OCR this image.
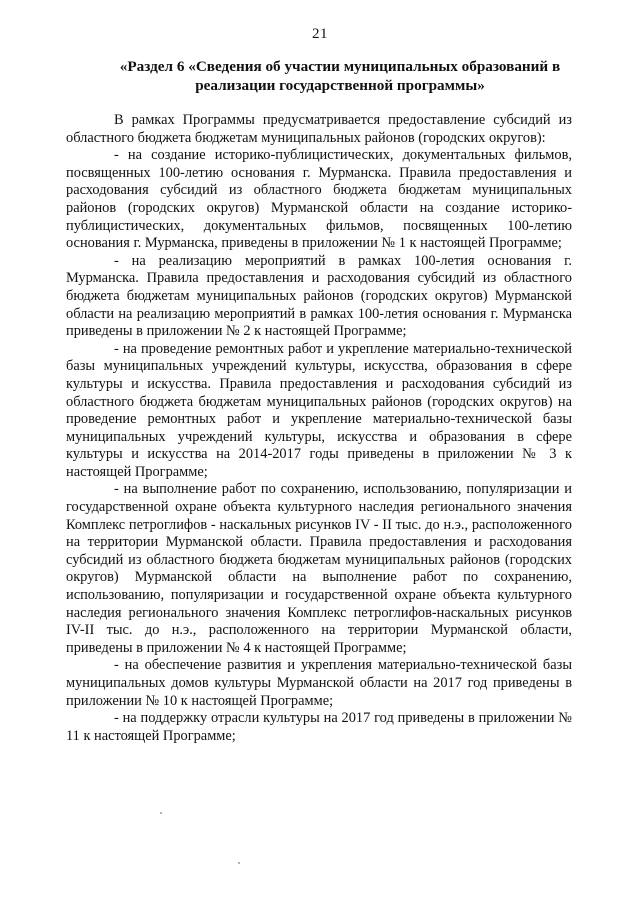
21
«Раздел 6 «Сведения об участии муниципальных образований в реализации государственной программы»

В рамках Программы предусматривается предоставление субсидий из областного бюджета бюджетам муниципальных районов (городских округов):

- на создание историко-публицистических, документальных фильмов, посвященных 100-летию основания г. Мурманска. Правила предоставления и расходования субсидий из областного бюджета бюджетам муниципальных районов (городских округов) Мурманской области на создание историко-публицистических, документальных фильмов, посвященных 100-летию основания г. Мурманска, приведены в приложении № 1 к настоящей Программе;

- на реализацию мероприятий в рамках 100-летия основания г. Мурманска. Правила предоставления и расходования субсидий из областного бюджета бюджетам муниципальных районов (городских округов) Мурманской области на реализацию мероприятий в рамках 100-летия основания г. Мурманска приведены в приложении № 2 к настоящей Программе;

- на проведение ремонтных работ и укрепление материально-технической базы муниципальных учреждений культуры, искусства, образования в сфере культуры и искусства. Правила предоставления и расходования субсидий из областного бюджета бюджетам муниципальных районов (городских округов) на проведение ремонтных работ и укрепление материально-технической базы муниципальных учреждений культуры, искусства и образования в сфере культуры и искусства на 2014-2017 годы приведены в приложении № 3 к настоящей Программе;

- на выполнение работ по сохранению, использованию, популяризации и государственной охране объекта культурного наследия регионального значения Комплекс петроглифов - наскальных рисунков IV - II тыс. до н.э., расположенного на территории Мурманской области. Правила предоставления и расходования субсидий из областного бюджета бюджетам муниципальных районов (городских округов) Мурманской области на выполнение работ по сохранению, использованию, популяризации и государственной охране объекта культурного наследия регионального значения Комплекс петроглифов-наскальных рисунков IV-II тыс. до н.э., расположенного на территории Мурманской области, приведены в приложении № 4 к настоящей Программе;

- на обеспечение развития и укрепления материально-технической базы муниципальных домов культуры Мурманской области на 2017 год приведены в приложении № 10 к настоящей Программе;

- на поддержку отрасли культуры на 2017 год приведены в приложении № 11 к настоящей Программе;
